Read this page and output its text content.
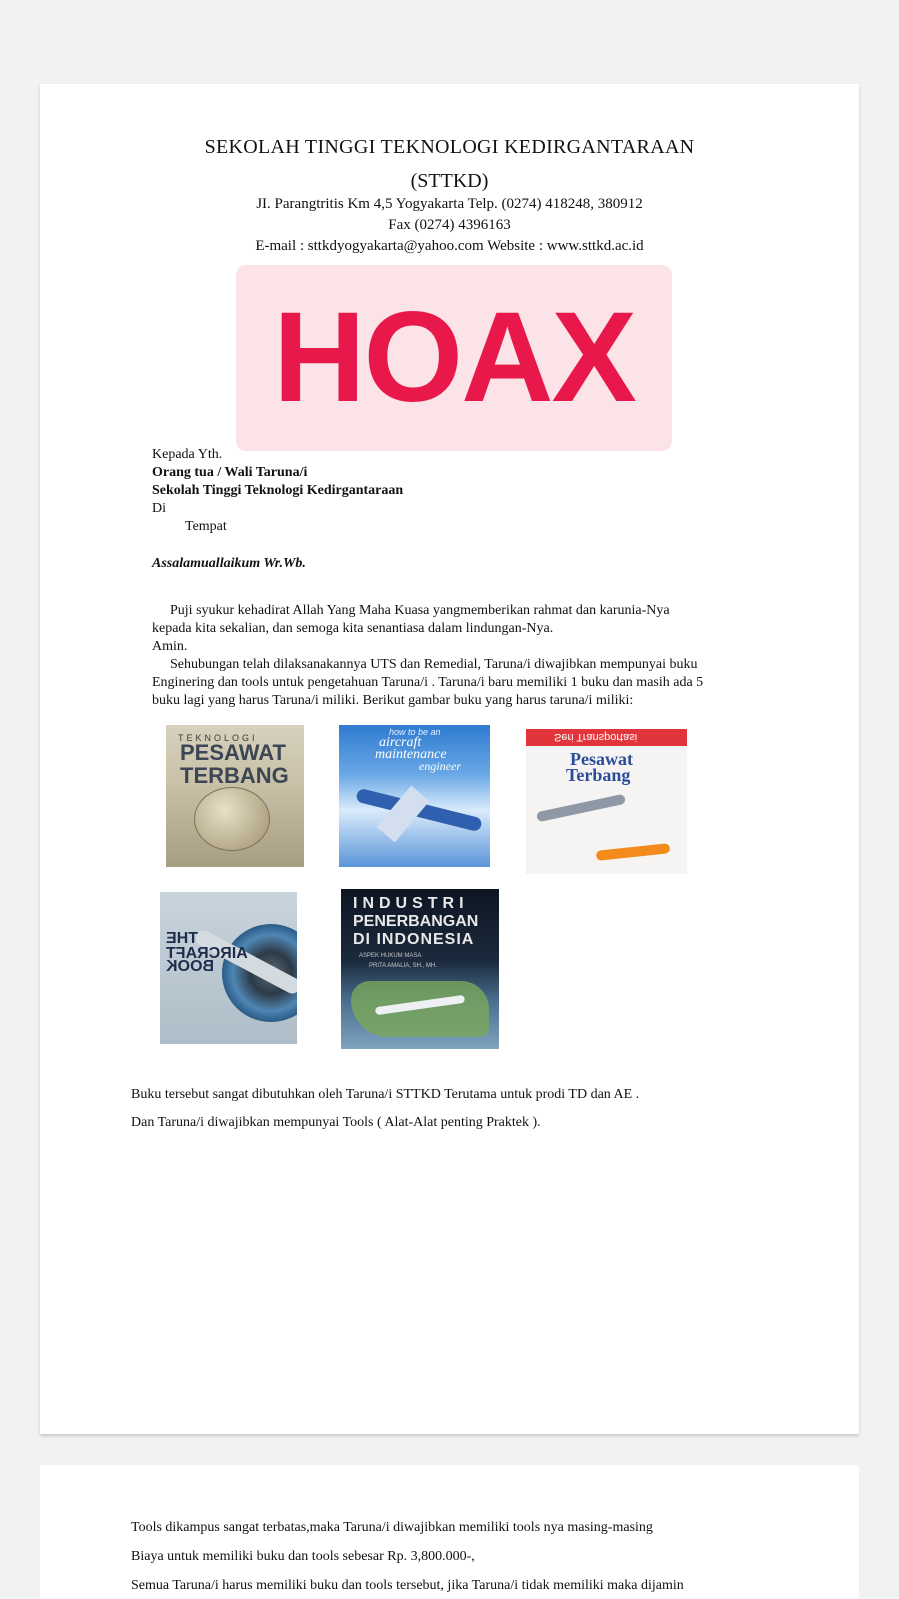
SEKOLAH TINGGI TEKNOLOGI KEDIRGANTARAAN
(STTKD)
JI. Parangtritis Km 4,5 Yogyakarta Telp. (0274) 418248, 380912
Fax (0274) 4396163
E-mail : sttkdyogyakarta@yahoo.com Website : www.sttkd.ac.id
HOAX
Kepada Yth.
Orang tua / Wali Taruna/i
Sekolah Tinggi Teknologi Kedirgantaraan
Di
Tempat
Assalamuallaikum Wr.Wb.
Puji syukur kehadirat Allah Yang Maha Kuasa yangmemberikan rahmat dan karunia-Nya
kepada kita sekalian, dan semoga kita senantiasa dalam lindungan-Nya.
Amin.
Sehubungan telah dilaksanakannya UTS dan Remedial, Taruna/i diwajibkan mempunyai buku
Enginering dan tools untuk pengetahuan Taruna/i . Taruna/i baru memiliki 1 buku dan masih ada 5
buku lagi yang harus Taruna/i miliki. Berikut gambar buku yang harus taruna/i miliki:
TEKNOLOGI
PESAWAT
TERBANG
how to be an
aircraft
maintenance
engineer
Seri Transportasi
Pesawat
Terbang
THE
AIRCRAFT
BOOK
INDUSTRI
PENERBANGAN
DI INDONESIA
ASPEK HUKUM MASA
PRITA AMALIA, SH., MH.
Buku tersebut sangat dibutuhkan oleh Taruna/i STTKD Terutama untuk prodi TD dan AE .
Dan Taruna/i diwajibkan mempunyai Tools ( Alat-Alat penting Praktek ).
Tools dikampus sangat terbatas,maka Taruna/i diwajibkan memiliki tools nya masing-masing
Biaya untuk memiliki buku dan tools sebesar Rp. 3,800.000-,
Semua Taruna/i harus memiliki buku dan tools tersebut, jika Taruna/i tidak memiliki maka dijamin
